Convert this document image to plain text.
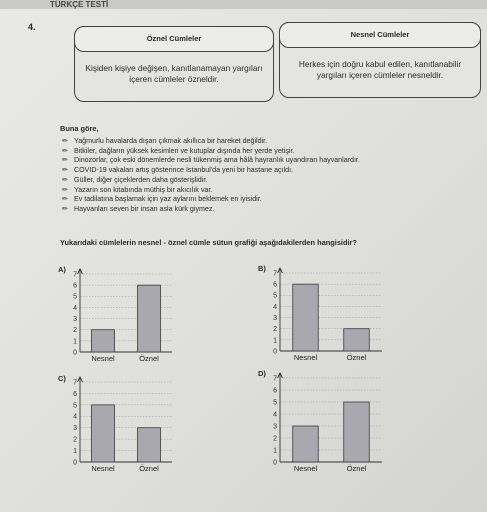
TÜRKÇE TESTİ
4.
Öznel Cümleler
Kişiden kişiye değişen, kanıtlanamayan yargıları içeren cümleler özneldir.
Nesnel Cümleler
Herkes için doğru kabul edilen, kanıtlanabilir yargıları içeren cümleler nesneldir.
Buna göre,
✏ Yağmurlu havalarda dışarı çıkmak akıllıca bir hareket değildir.
✏ Bitkiler, dağların yüksek kesimleri ve kutuplar dışında her yerde yetişir.
✏ Dinozorlar, çok eski dönemlerde nesli tükenmiş ama hâlâ hayranlık uyandıran hayvanlardır.
✏ COVID-19 vakaları artış gösterince İstanbul'da yeni bir hastane açıldı.
✏ Güller, diğer çiçeklerden daha gösterişlidir.
✏ Yazarın son kitabında müthiş bir akıcılık var.
✏ Ev tadilatına başlamak için yaz aylarını beklemek en iyisidir.
✏ Hayvanları seven bir insan asla kürk giymez.
Yukarıdaki cümlelerin nesnel - öznel cümle sütun grafiği aşağıdakilerden hangisidir?
A)
0
1
2
3
4
5
6
7
Nesnel	Öznel
B)
0
1
2
3
4
5
6
7
Nesnel	Öznel
C)
0
1
2
3
4
5
6
7
Nesnel	Öznel
D)
0
1
2
3
4
5
6
7
Nesnel	Öznel
